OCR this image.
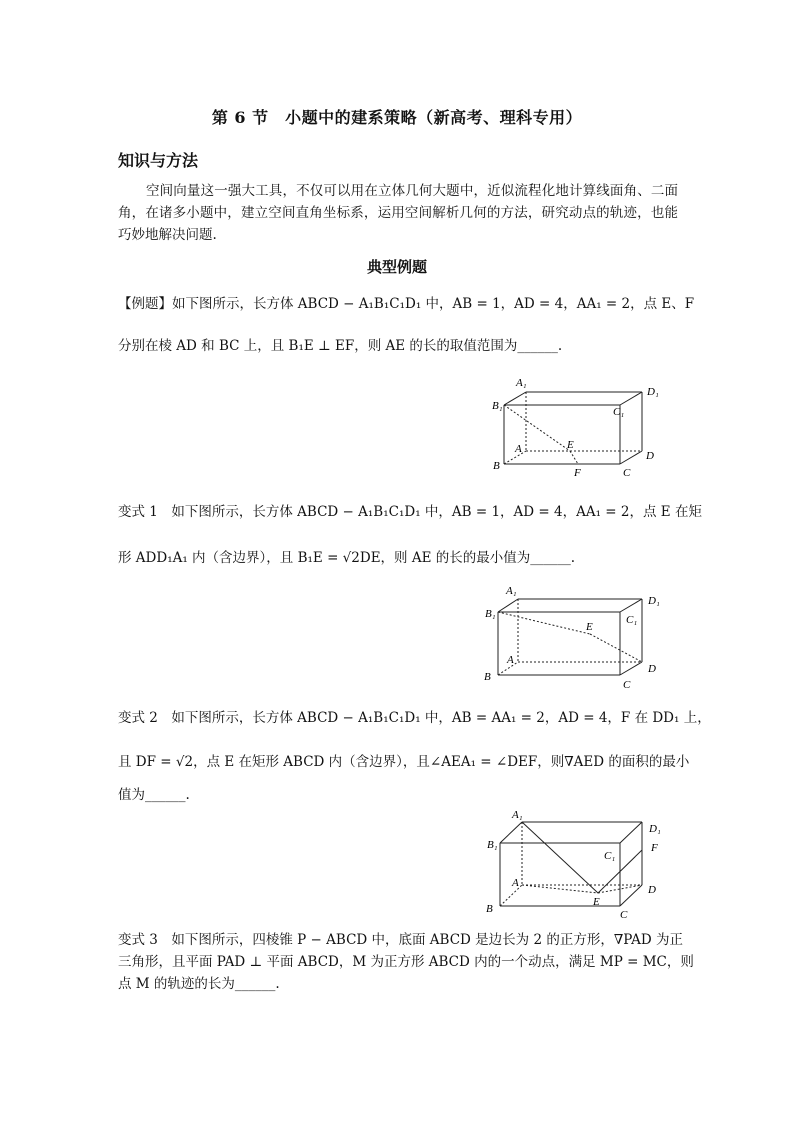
第 6 节　小题中的建系策略（新高考、理科专用）
知识与方法
空间向量这一强大工具，不仅可以用在立体几何大题中，近似流程化地计算线面角、二面角，在诸多小题中，建立空间直角坐标系，运用空间解析几何的方法，研究动点的轨迹，也能巧妙地解决问题.
典型例题
【例题】如下图所示，长方体 ABCD − A₁B₁C₁D₁ 中，AB = 1，AD = 4，AA₁ = 2，点 E、F
分别在棱 AD 和 BC 上，且 B₁E ⊥ EF，则 AE 的长的取值范围为______.
A₁
B₁	C₁
D₁
A
B
C
D
E
F
变式 1　如下图所示，长方体 ABCD − A₁B₁C₁D₁ 中，AB = 1，AD = 4，AA₁ = 2，点 E 在矩
形 ADD₁A₁ 内（含边界），且 B₁E = √2DE，则 AE 的长的最小值为______.
A₁
B₁	C₁
D₁
A
B
C
D
E
变式 2　如下图所示，长方体 ABCD − A₁B₁C₁D₁ 中，AB = AA₁ = 2，AD = 4，F 在 DD₁ 上，
且 DF = √2，点 E 在矩形 ABCD 内（含边界），且∠AEA₁ = ∠DEF，则∇AED 的面积的最小
值为______.
A₁
B₁
C₁
D₁
F
A
B	C
D
E
变式 3　如下图所示，四棱锥 P − ABCD 中，底面 ABCD 是边长为 2 的正方形，∇PAD 为正
三角形，且平面 PAD ⊥ 平面 ABCD，M 为正方形 ABCD 内的一个动点，满足 MP = MC，则
点 M 的轨迹的长为______.
